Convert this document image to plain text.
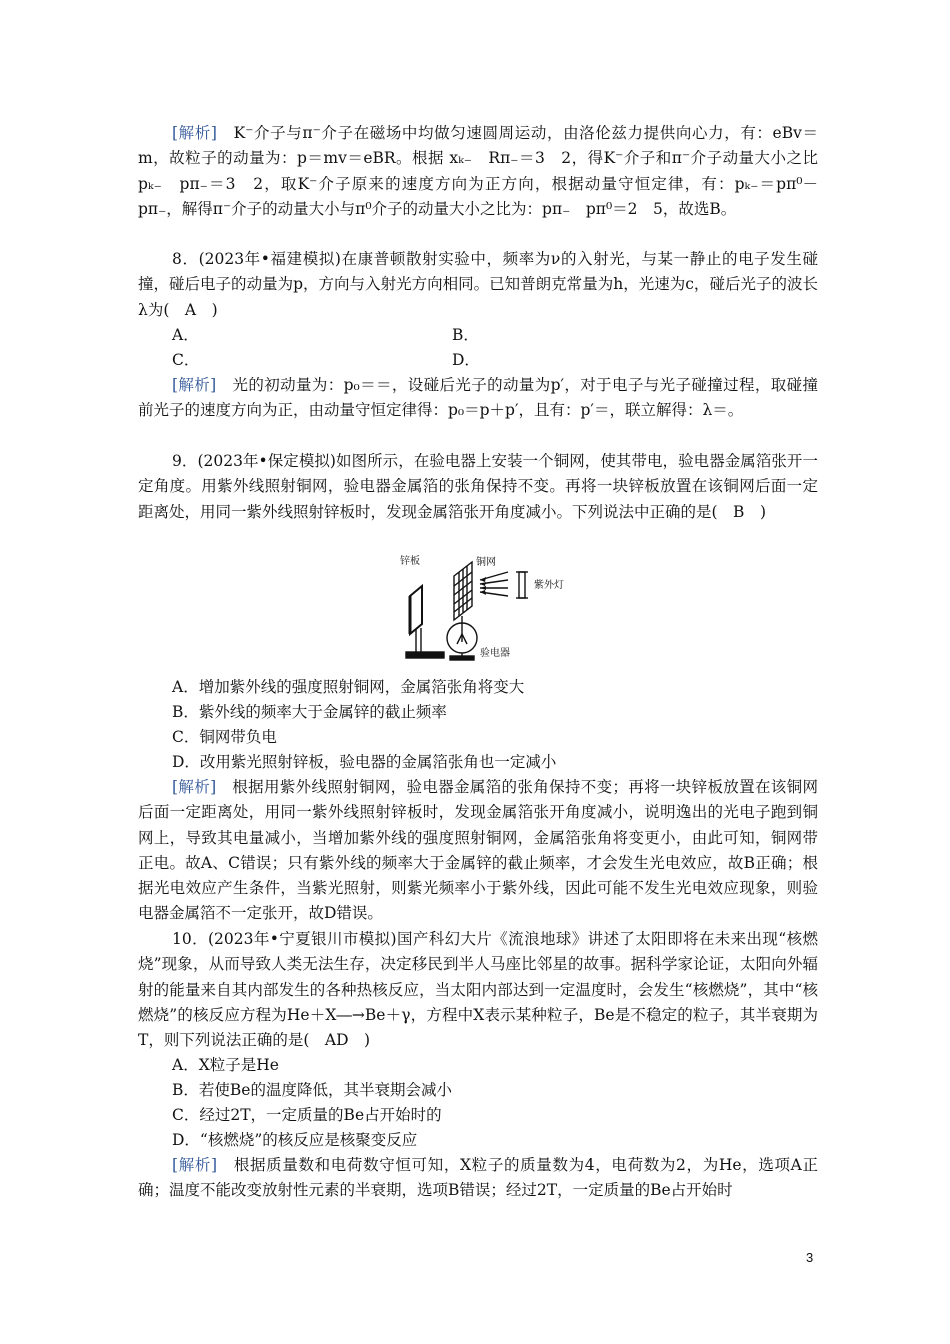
[解析]　K⁻介子与π⁻介子在磁场中均做匀速圆周运动，由洛伦兹力提供向心力，有：eBv＝m，故粒子的动量为：p＝mv＝eBR。根据 xₖ₋　Rπ₋＝3　2，得K⁻介子和π⁻介子动量大小之比pₖ₋　pπ₋＝3　2，取K⁻介子原来的速度方向为正方向，根据动量守恒定律，有：pₖ₋＝pπ⁰－pπ₋，解得π⁻介子的动量大小与π⁰介子的动量大小之比为：pπ₋　pπ⁰＝2　5，故选B。

8．(2023年•福建模拟)在康普顿散射实验中，频率为ν的入射光，与某一静止的电子发生碰撞，碰后电子的动量为p，方向与入射光方向相同。已知普朗克常量为h，光速为c，碰后光子的波长λ为(　A　)

A．	B．
C．	D．

[解析]　光的初动量为：p₀＝＝，设碰后光子的动量为p′，对于电子与光子碰撞过程，取碰撞前光子的速度方向为正，由动量守恒定律得：p₀＝p＋p′，且有：p′＝，联立解得：λ＝。

9．(2023年•保定模拟)如图所示，在验电器上安装一个铜网，使其带电，验电器金属箔张开一定角度。用紫外线照射铜网，验电器金属箔的张角保持不变。再将一块锌板放置在该铜网后面一定距离处，用同一紫外线照射锌板时，发现金属箔张开角度减小。下列说法中正确的是(　B　)

锌板	铜网
紫外灯
验电器
A．增加紫外线的强度照射铜网，金属箔张角将变大
B．紫外线的频率大于金属锌的截止频率
C．铜网带负电
D．改用紫光照射锌板，验电器的金属箔张角也一定减小

[解析]　根据用紫外线照射铜网，验电器金属箔的张角保持不变；再将一块锌板放置在该铜网后面一定距离处，用同一紫外线照射锌板时，发现金属箔张开角度减小，说明逸出的光电子跑到铜网上，导致其电量减小，当增加紫外线的强度照射铜网，金属箔张角将变更小，由此可知，铜网带正电。故A、C错误；只有紫外线的频率大于金属锌的截止频率，才会发生光电效应，故B正确；根据光电效应产生条件，当紫光照射，则紫光频率小于紫外线，因此可能不发生光电效应现象，则验电器金属箔不一定张开，故D错误。

10．(2023年•宁夏银川市模拟)国产科幻大片《流浪地球》讲述了太阳即将在未来出现“核燃烧”现象，从而导致人类无法生存，决定移民到半人马座比邻星的故事。据科学家论证，太阳向外辐射的能量来自其内部发生的各种热核反应，当太阳内部达到一定温度时，会发生“核燃烧”，其中“核燃烧”的核反应方程为He＋X―→Be＋γ，方程中X表示某种粒子，Be是不稳定的粒子，其半衰期为T，则下列说法正确的是(　AD　)

A．X粒子是He
B．若使Be的温度降低，其半衰期会减小
C．经过2T，一定质量的Be占开始时的
D．“核燃烧”的核反应是核聚变反应

[解析]　根据质量数和电荷数守恒可知，X粒子的质量数为4，电荷数为2，为He，选项A正确；温度不能改变放射性元素的半衰期，选项B错误；经过2T，一定质量的Be占开始时

3
